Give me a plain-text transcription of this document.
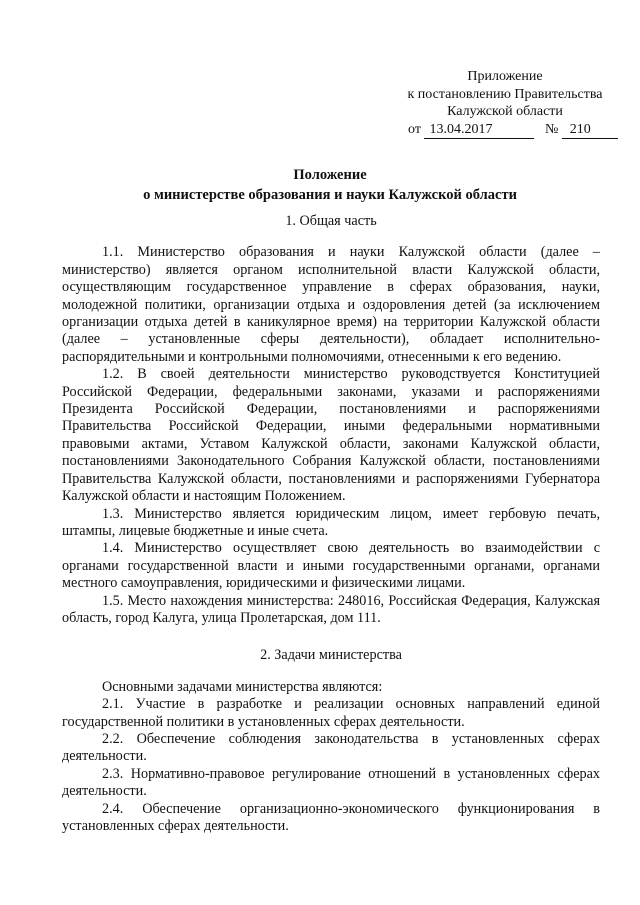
Приложение
к постановлению Правительства
Калужской области
от 13.04.2017	№ 210
Положение
о министерстве образования и науки Калужской области
1. Общая часть

1.1. Министерство образования и науки Калужской области (далее – министерство) является органом исполнительной власти Калужской области, осуществляющим государственное управление в сферах образования, науки, молодежной политики, организации отдыха и оздоровления детей (за исключением организации отдыха детей в каникулярное время) на территории Калужской области (далее – установленные сферы деятельности), обладает исполнительно-распорядительными и контрольными полномочиями, отнесенными к его ведению.

1.2. В своей деятельности министерство руководствуется Конституцией Российской Федерации, федеральными законами, указами и распоряжениями Президента Российской Федерации, постановлениями и распоряжениями Правительства Российской Федерации, иными федеральными нормативными правовыми актами, Уставом Калужской области, законами Калужской области, постановлениями Законодательного Собрания Калужской области, постановлениями Правительства Калужской области, постановлениями и распоряжениями Губернатора Калужской области и настоящим Положением.

1.3. Министерство является юридическим лицом, имеет гербовую печать, штампы, лицевые бюджетные и иные счета.

1.4. Министерство осуществляет свою деятельность во взаимодействии с органами государственной власти и иными государственными органами, органами местного самоуправления, юридическими и физическими лицами.

1.5. Место нахождения министерства: 248016, Российская Федерация, Калужская область, город Калуга, улица Пролетарская, дом 111.

2. Задачи министерства

Основными задачами министерства являются:

2.1. Участие в разработке и реализации основных направлений единой государственной политики в установленных сферах деятельности.

2.2. Обеспечение соблюдения законодательства в установленных сферах деятельности.

2.3. Нормативно-правовое регулирование отношений в установленных сферах деятельности.

2.4. Обеспечение организационно-экономического функционирования в установленных сферах деятельности.
